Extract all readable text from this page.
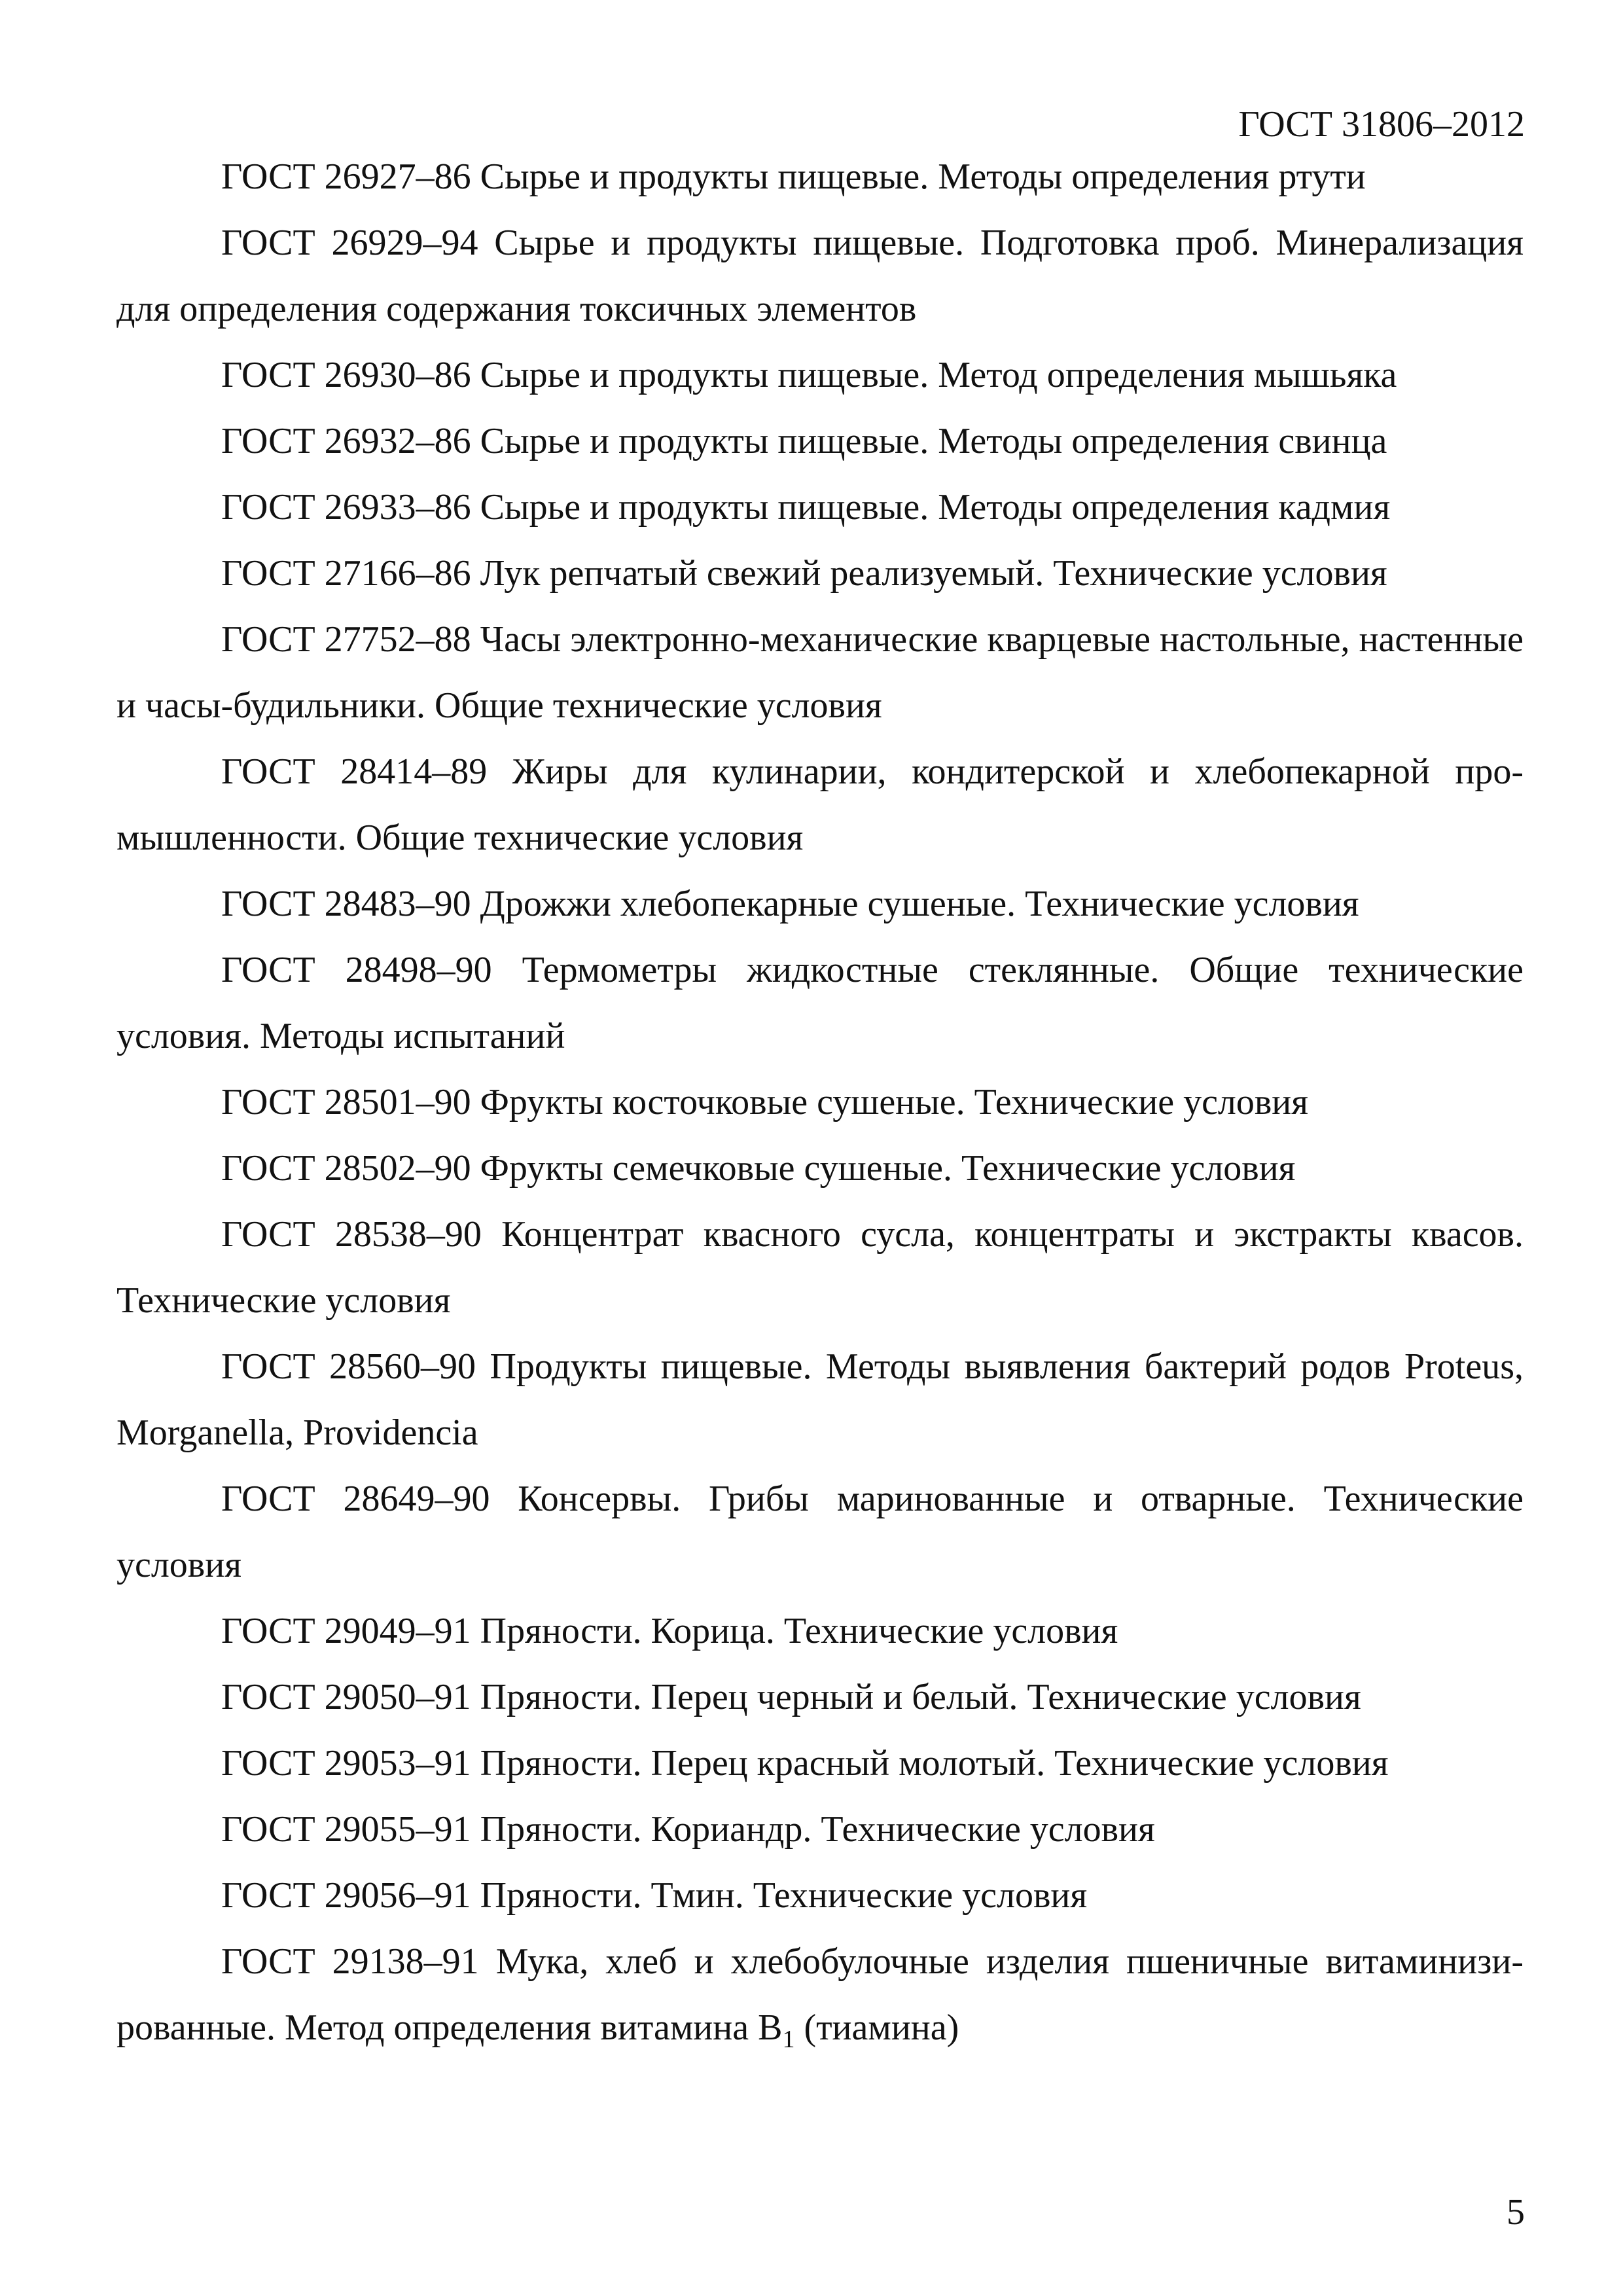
ГОСТ 31806–2012

ГОСТ 26927–86 Сырье и продукты пищевые. Методы определения ртути

ГОСТ 26929–94 Сырье и продукты пищевые. Подготовка проб. Минерализация для определения содержания токсичных элементов

ГОСТ 26930–86 Сырье и продукты пищевые. Метод определения мышьяка

ГОСТ 26932–86 Сырье и продукты пищевые. Методы определения свинца

ГОСТ 26933–86 Сырье и продукты пищевые. Методы определения кадмия

ГОСТ 27166–86 Лук репчатый свежий реализуемый. Технические условия

ГОСТ 27752–88 Часы электронно-механические кварцевые настольные, настенные и часы-будильники. Общие технические условия

ГОСТ 28414–89 Жиры для кулинарии, кондитерской и хлебопекарной промышленности. Общие технические условия

ГОСТ 28483–90 Дрожжи хлебопекарные сушеные. Технические условия

ГОСТ 28498–90 Термометры жидкостные стеклянные. Общие технические условия. Методы испытаний

ГОСТ 28501–90 Фрукты косточковые сушеные. Технические условия

ГОСТ 28502–90 Фрукты семечковые сушеные. Технические условия

ГОСТ 28538–90 Концентрат квасного сусла, концентраты и экстракты квасов. Технические условия

ГОСТ 28560–90 Продукты пищевые. Методы выявления бактерий родов Proteus, Morganella, Providencia

ГОСТ 28649–90 Консервы. Грибы маринованные и отварные. Технические условия

ГОСТ 29049–91 Пряности. Корица. Технические условия

ГОСТ 29050–91 Пряности. Перец черный и белый. Технические условия

ГОСТ 29053–91 Пряности. Перец красный молотый. Технические условия

ГОСТ 29055–91 Пряности. Кориандр. Технические условия

ГОСТ 29056–91 Пряности. Тмин. Технические условия

ГОСТ 29138–91 Мука, хлеб и хлебобулочные изделия пшеничные витаминизированные. Метод определения витамина $B_1$ (тиамина)

5
